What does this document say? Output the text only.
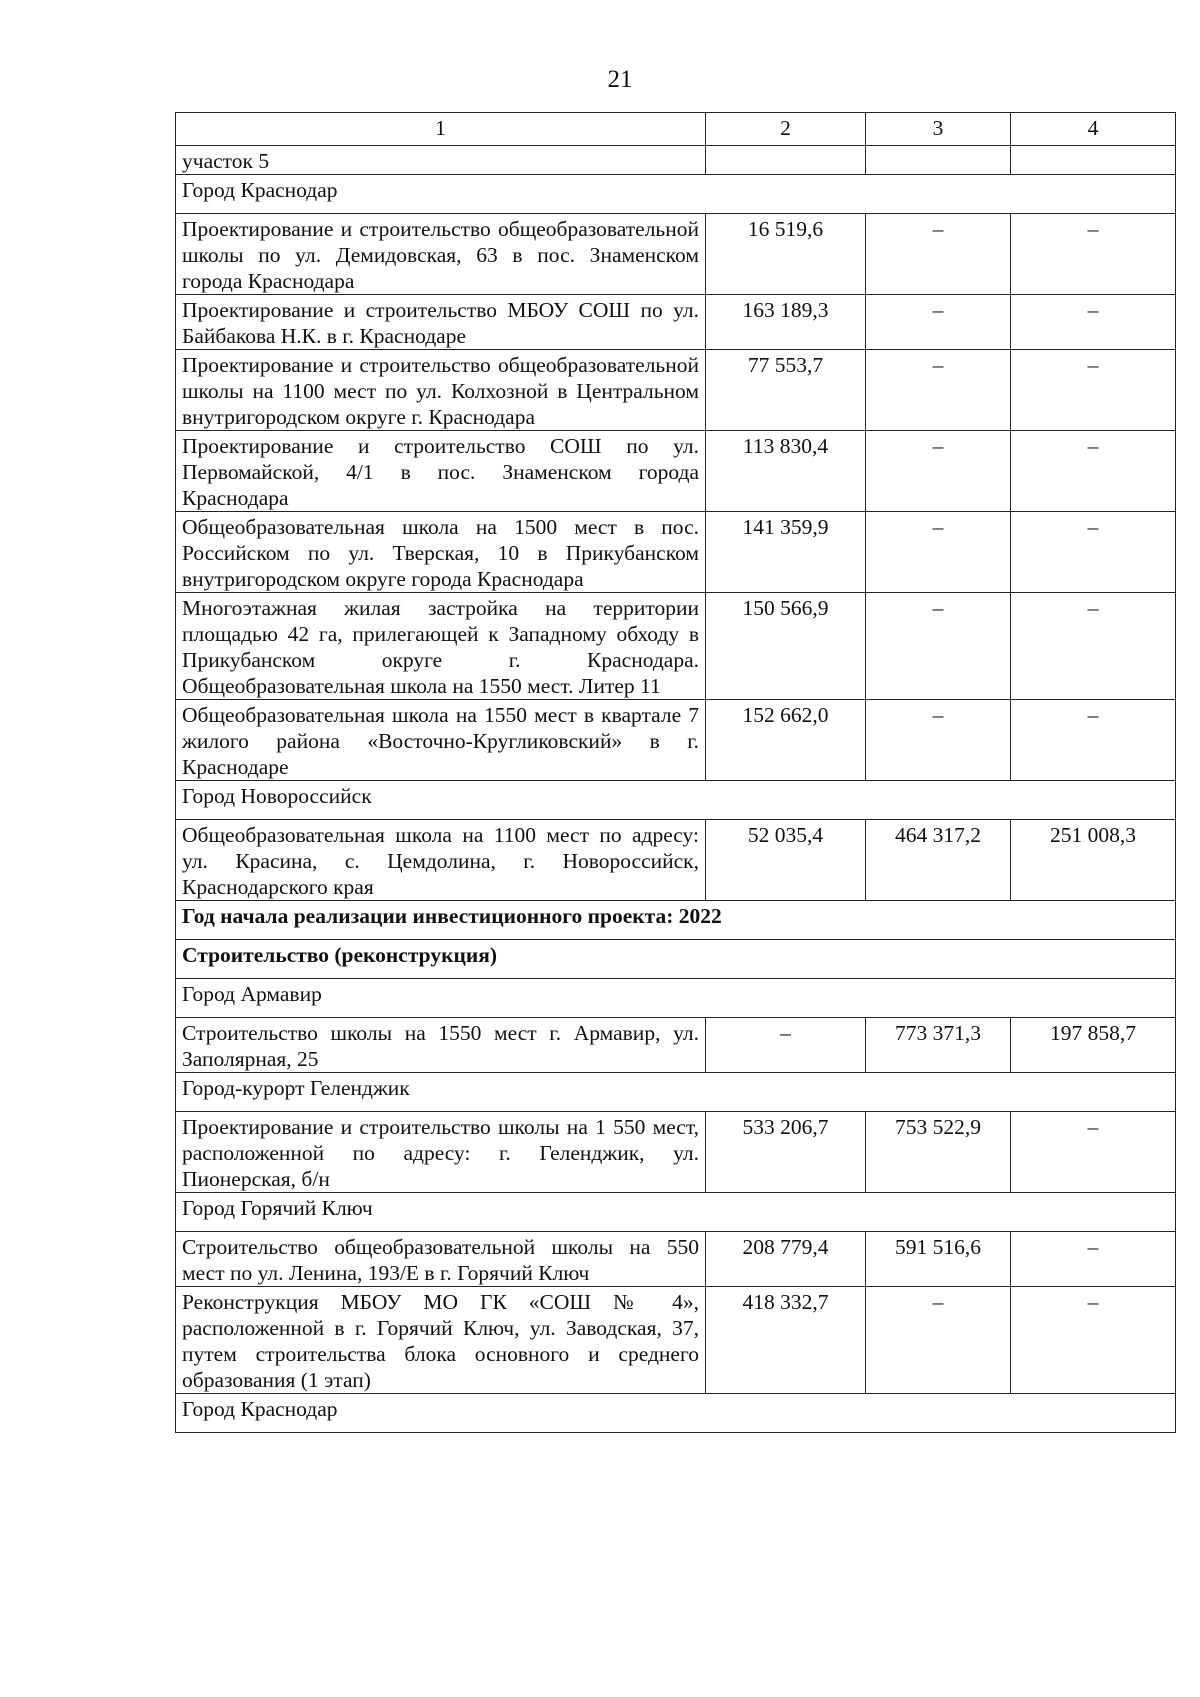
21
1	2	3	4
участок 5			
Город Краснодар			
Проектирование и строительство общеобразовательной школы по ул. Демидовская, 63 в пос. Знаменском города Краснодара	16 519,6	–	–
Проектирование и строительство МБОУ СОШ по ул. Байбакова Н.К. в г. Краснодаре	163 189,3	–	–
Проектирование и строительство общеобразовательной школы на 1100 мест по ул. Колхозной в Центральном внутригородском округе г. Краснодара	77 553,7	–	–
Проектирование и строительство СОШ по ул. Первомайской, 4/1 в пос. Знаменском города Краснодара	113 830,4	–	–
Общеобразовательная школа на 1500 мест в пос. Российском по ул. Тверская, 10 в Прикубанском внутригородском округе города Краснодара	141 359,9	–	–
Многоэтажная жилая застройка на территории площадью 42 га, прилегающей к Западному обходу в Прикубанском округе г. Краснодара. Общеобразовательная школа на 1550 мест. Литер 11	150 566,9	–	–
Общеобразовательная школа на 1550 мест в квартале 7 жилого района «Восточно-Кругликовский» в г. Краснодаре	152 662,0	–	–
Город Новороссийск			
Общеобразовательная школа на 1100 мест по адресу: ул. Красина, с. Цемдолина, г. Новороссийск, Краснодарского края	52 035,4	464 317,2	251 008,3
Год начала реализации инвестиционного проекта: 2022			
Строительство (реконструкция)			
Город Армавир			
Строительство школы на 1550 мест г. Армавир, ул. Заполярная, 25	–	773 371,3	197 858,7
Город-курорт Геленджик			
Проектирование и строительство школы на 1 550 мест, расположенной по адресу: г. Геленджик, ул. Пионерская, б/н	533 206,7	753 522,9	–
Город Горячий Ключ			
Строительство общеобразовательной школы на 550 мест по ул. Ленина, 193/Е в г. Горячий Ключ	208 779,4	591 516,6	–
Реконструкция МБОУ МО ГК «СОШ № 4», расположенной в г. Горячий Ключ, ул. Заводская, 37, путем строительства блока основного и среднего образования (1 этап)	418 332,7	–	–
Город Краснодар			
